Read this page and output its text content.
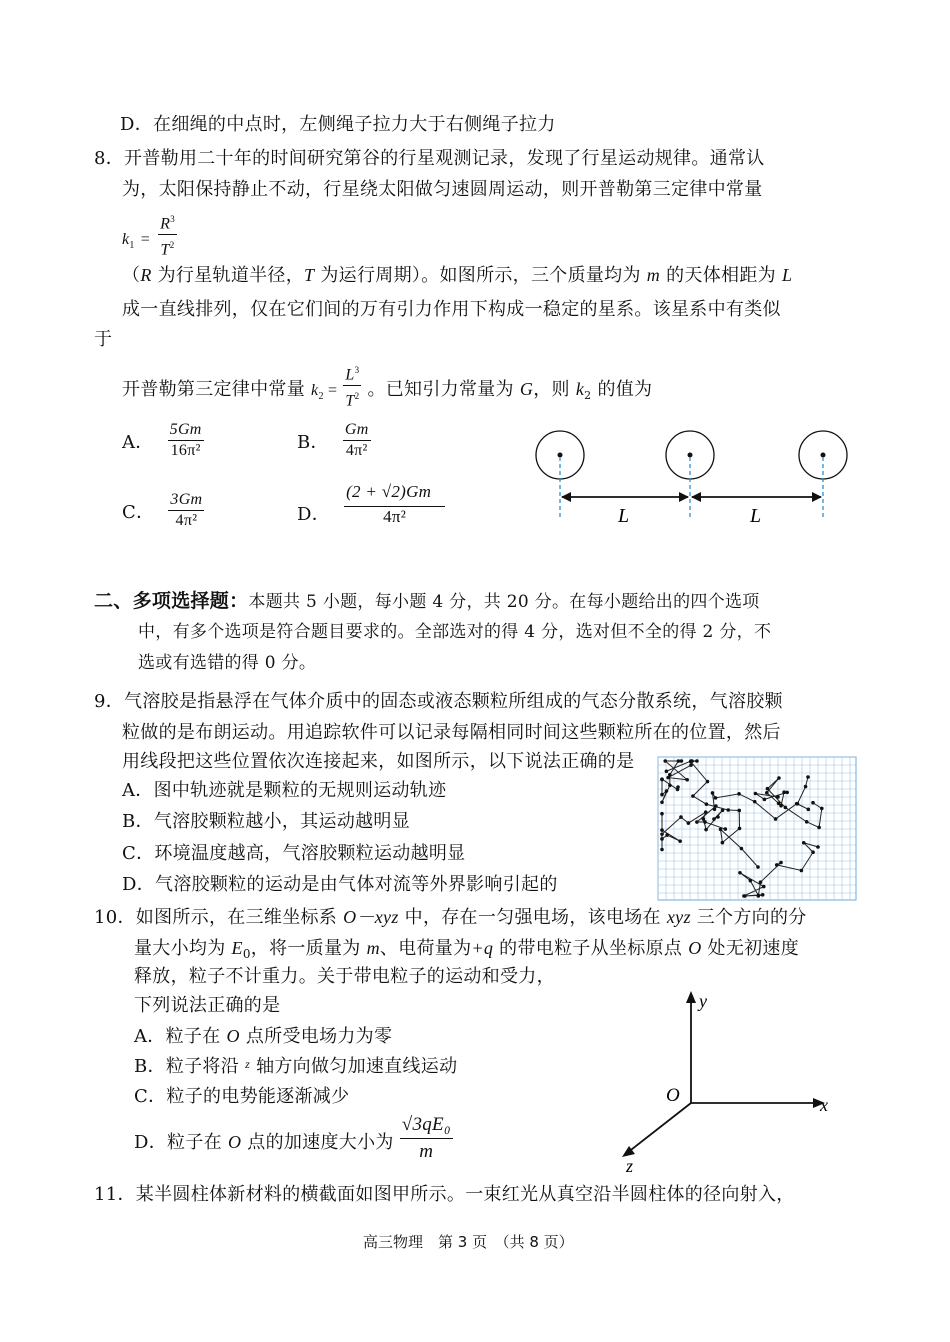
D．在细绳的中点时，左侧绳子拉力大于右侧绳子拉力
8．开普勒用二十年的时间研究第谷的行星观测记录，发现了行星运动规律。通常认
为，太阳保持静止不动，行星绕太阳做匀速圆周运动，则开普勒第三定律中常量
$k_1 = \frac{R^3}{T^2}$
（R 为行星轨道半径，T 为运行周期）。如图所示，三个质量均为 m 的天体相距为 L
成一直线排列，仅在它们间的万有引力作用下构成一稳定的星系。该星系中有类似
于
开普勒第三定律中常量 $k_2 = \frac{L^3}{T^2}$ 。已知引力常量为 G，则 $k_2$ 的值为
A． $\frac{5Gm}{\text{16π²}}$	B． $\frac{Gm}{\text{4π²}}$
C． $\frac{3Gm}{\text{4π²}}$	D． $\frac{(2 + √2)Gm}{\text{4π²}}$	L	L
二、多项选择题：本题共 5 小题，每小题 4 分，共 20 分。在每小题给出的四个选项
中，有多个选项是符合题目要求的。全部选对的得 4 分，选对但不全的得 2 分，不
选或有选错的得 0 分。
9．气溶胶是指悬浮在气体介质中的固态或液态颗粒所组成的气态分散系统，气溶胶颗
粒做的是布朗运动。用追踪软件可以记录每隔相同时间这些颗粒所在的位置，然后
用线段把这些位置依次连接起来，如图所示，以下说法正确的是
A．图中轨迹就是颗粒的无规则运动轨迹
B．气溶胶颗粒越小，其运动越明显
C．环境温度越高，气溶胶颗粒运动越明显
D．气溶胶颗粒的运动是由气体对流等外界影响引起的
10．如图所示，在三维坐标系 O－xyz 中，存在一匀强电场，该电场在 xyz 三个方向的分
量大小均为 $E_0$，将一质量为 m、电荷量为+q 的带电粒子从坐标原点 O 处无初速度
释放，粒子不计重力。关于带电粒子的运动和受力，
下列说法正确的是
A．粒子在 O 点所受电场力为零
B．粒子将沿 $^z$ 轴方向做匀加速直线运动
C．粒子的电势能逐渐减少
D．粒子在 O 点的加速度大小为 $\frac{\text{√3qE₀}}{m}$
y
x
z
O
11．某半圆柱体新材料的横截面如图甲所示。一束红光从真空沿半圆柱体的径向射入，
高三物理　第 3 页　（共 8 页）
